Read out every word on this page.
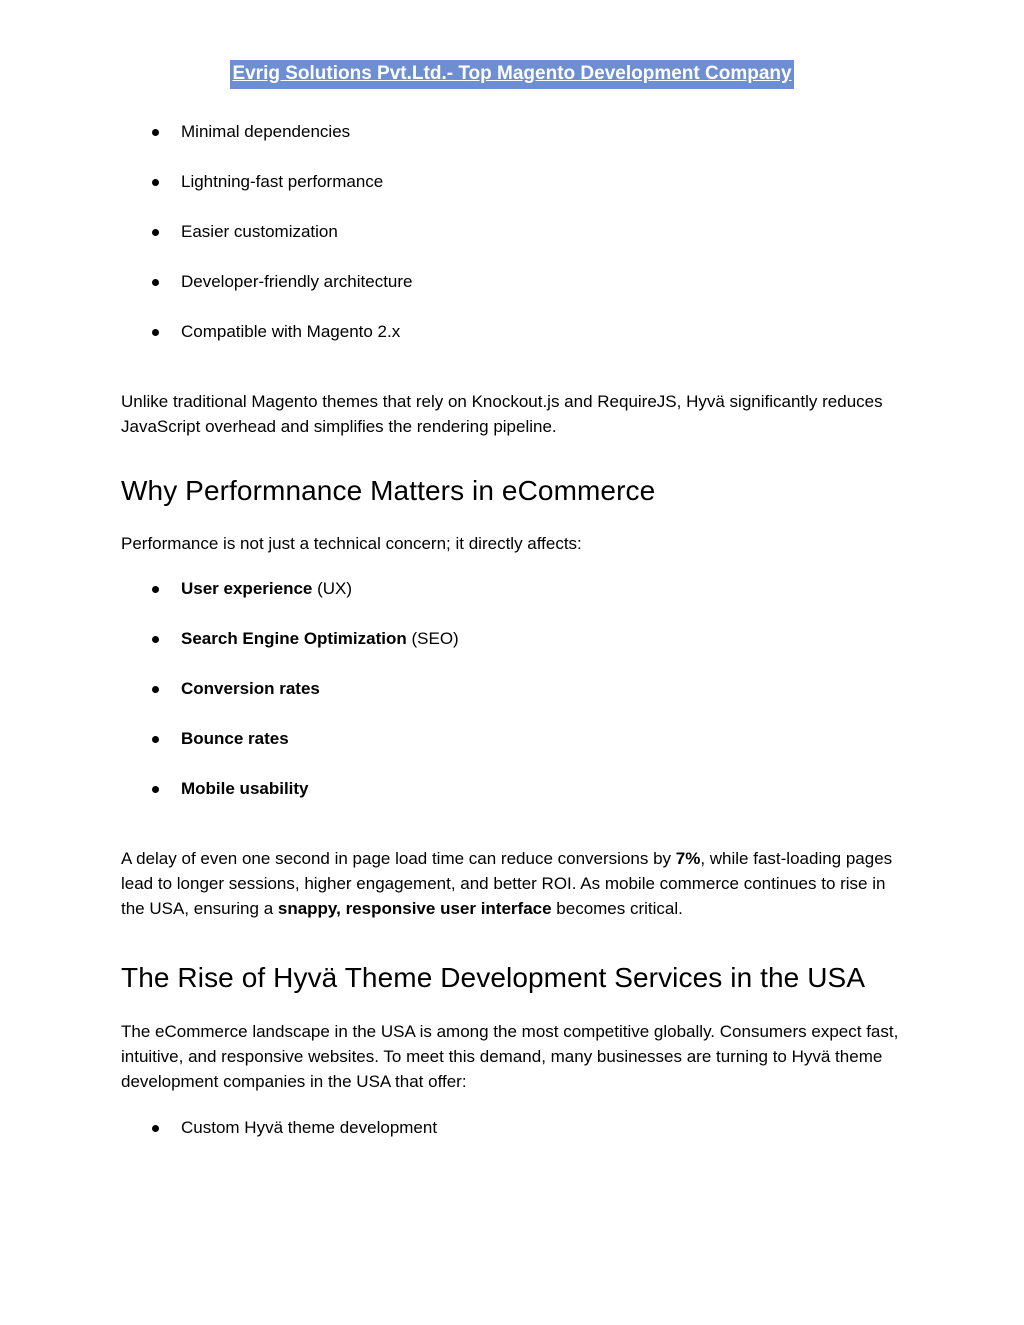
Evrig Solutions Pvt.Ltd.- Top Magento Development Company
Minimal dependencies
Lightning-fast performance
Easier customization
Developer-friendly architecture
Compatible with Magento 2.x

Unlike traditional Magento themes that rely on Knockout.js and RequireJS, Hyvä significantly reduces JavaScript overhead and simplifies the rendering pipeline.

Why Performnance Matters in eCommerce

Performance is not just a technical concern; it directly affects:

User experience (UX)
Search Engine Optimization (SEO)
Conversion rates
Bounce rates
Mobile usability

A delay of even one second in page load time can reduce conversions by 7%, while fast-loading pages lead to longer sessions, higher engagement, and better ROI. As mobile commerce continues to rise in the USA, ensuring a snappy, responsive user interface becomes critical.

The Rise of Hyvä Theme Development Services in the USA

The eCommerce landscape in the USA is among the most competitive globally. Consumers expect fast, intuitive, and responsive websites. To meet this demand, many businesses are turning to Hyvä theme development companies in the USA that offer:

Custom Hyvä theme development
